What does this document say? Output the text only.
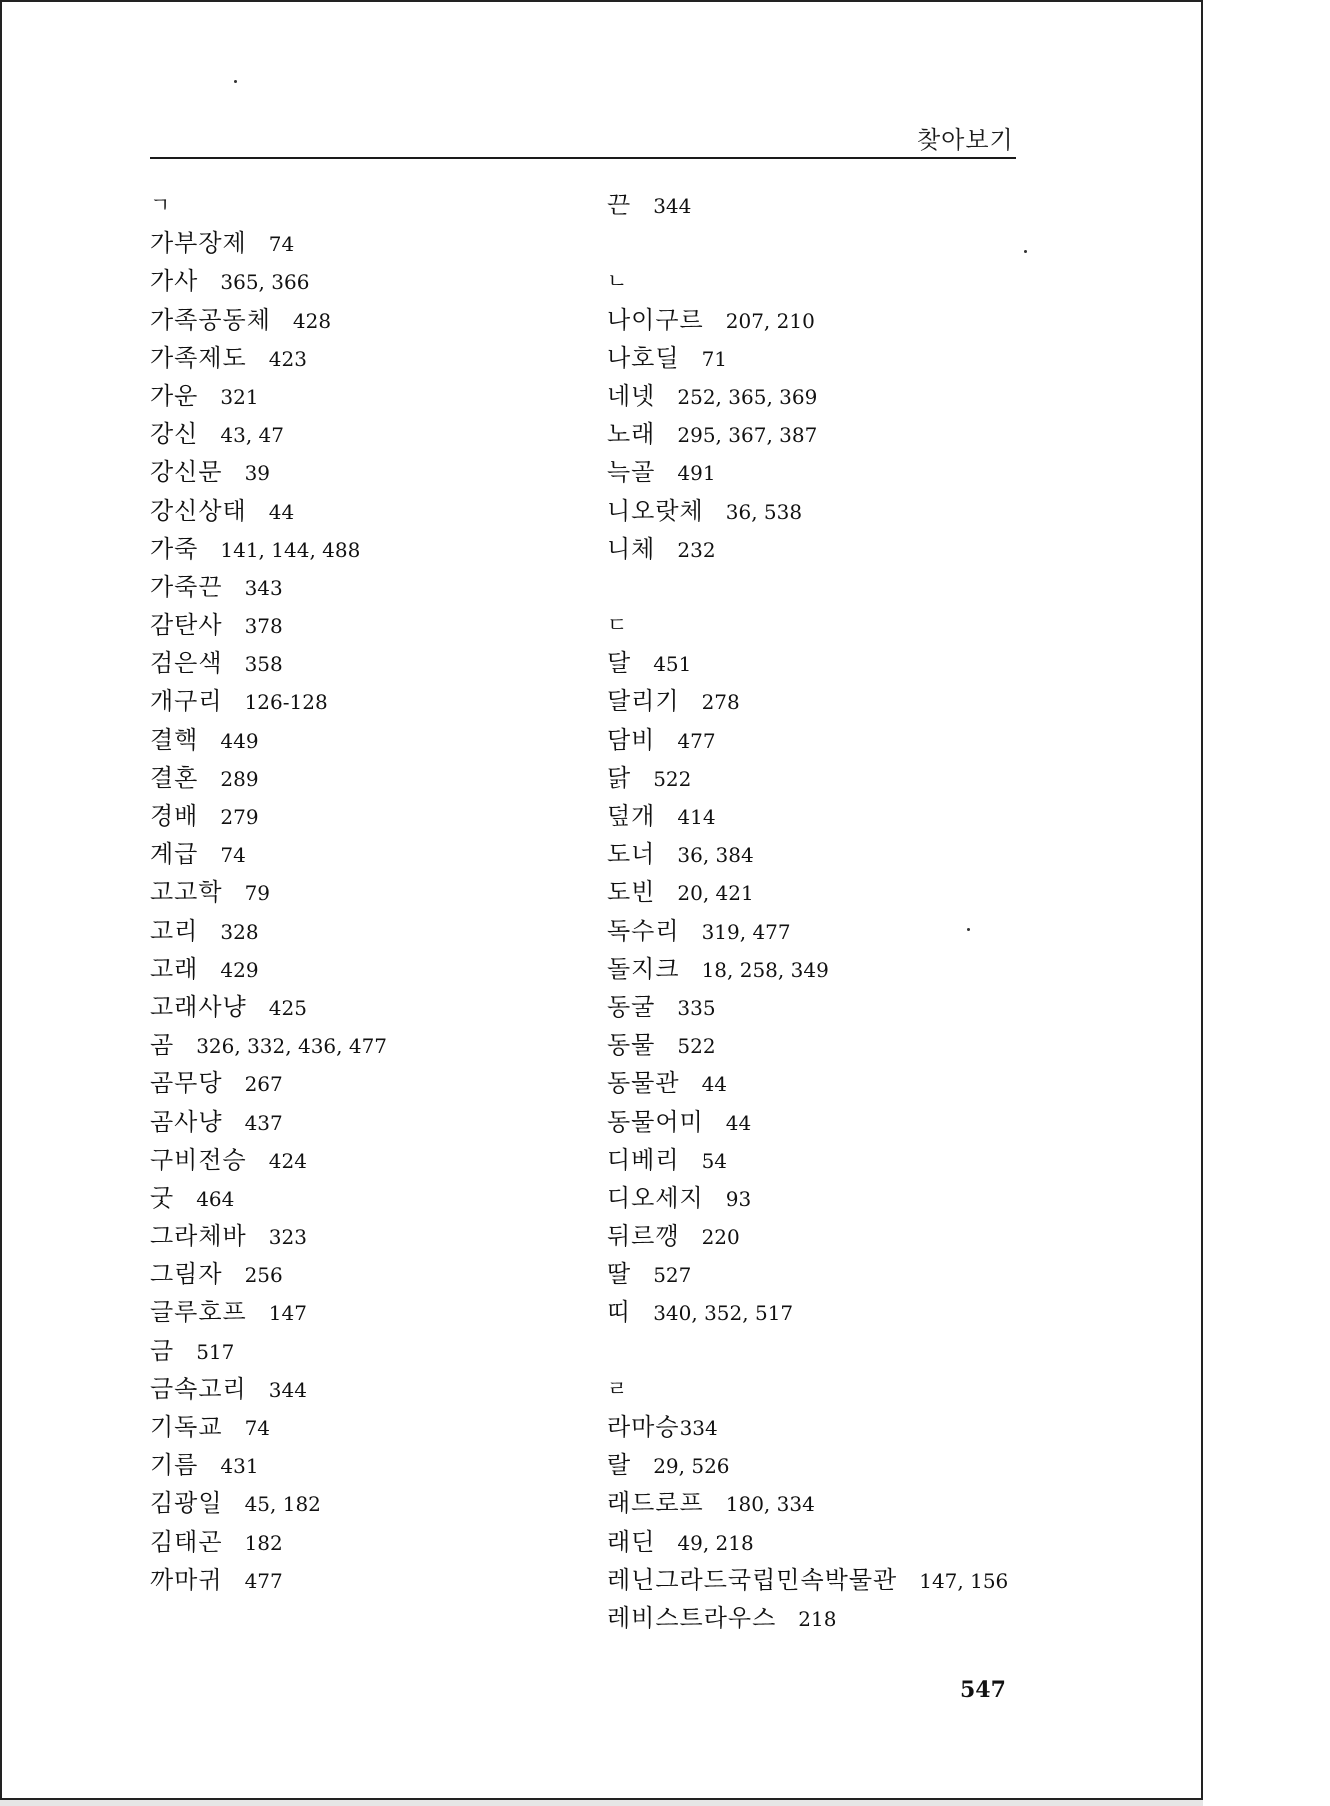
찾아보기
ㄱ
가부장제 74
가사 365, 366
가족공동체 428
가족제도 423
가운 321
강신 43, 47
강신문 39
강신상태 44
가죽 141, 144, 488
가죽끈 343
감탄사 378
검은색 358
개구리 126-128
결핵 449
결혼 289
경배 279
계급 74
고고학 79
고리 328
고래 429
고래사냥 425
곰 326, 332, 436, 477
곰무당 267
곰사냥 437
구비전승 424
굿 464
그라체바 323
그림자 256
글루호프 147
금 517
금속고리 344
기독교 74
기름 431
김광일 45, 182
김태곤 182
까마귀 477
끈 344
ㄴ
나이구르 207, 210
나호딜 71
네넷 252, 365, 369
노래 295, 367, 387
늑골 491
니오랏체 36, 538
니체 232
ㄷ
달 451
달리기 278
담비 477
닭 522
덮개 414
도너 36, 384
도빈 20, 421
독수리 319, 477
돌지크 18, 258, 349
동굴 335
동물 522
동물관 44
동물어미 44
디베리 54
디오세지 93
뒤르깽 220
딸 527
띠 340, 352, 517
ㄹ
라마승334
랄 29, 526
래드로프 180, 334
래딘 49, 218
레닌그라드국립민속박물관 147, 156
레비스트라우스 218
547
